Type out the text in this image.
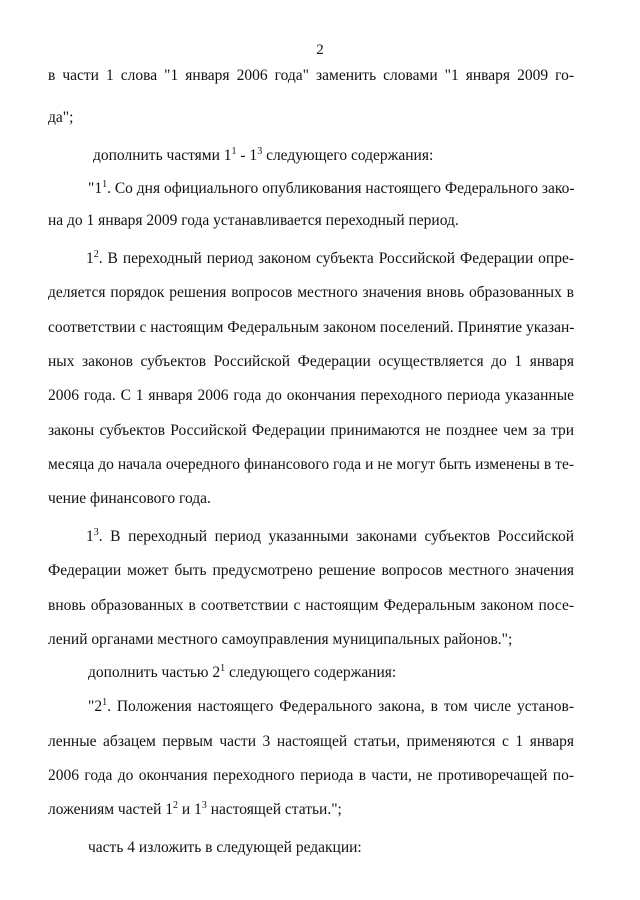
2
в части 1 слова "1 января 2006 года" заменить словами "1 января 2009 го-
да";
дополнить частями $1^1 - 1^3$ следующего содержания:
"$1^1$. Со дня официального опубликования настоящего Федерального зако-
на до 1 января 2009 года устанавливается переходный период.
$1^2$. В переходный период законом субъекта Российской Федерации опре-
деляется порядок решения вопросов местного значения вновь образованных в
соответствии с настоящим Федеральным законом поселений. Принятие указан-
ных законов субъектов Российской Федерации осуществляется до 1 января
2006 года. С 1 января 2006 года до окончания переходного периода указанные
законы субъектов Российской Федерации принимаются не позднее чем за три
месяца до начала очередного финансового года и не могут быть изменены в те-
чение финансового года.
$1^3$. В переходный период указанными законами субъектов Российской
Федерации может быть предусмотрено решение вопросов местного значения
вновь образованных в соответствии с настоящим Федеральным законом посе-
лений органами местного самоуправления муниципальных районов.";
дополнить частью $2^1$ следующего содержания:
"$2^1$. Положения настоящего Федерального закона, в том числе установ-
ленные абзацем первым части 3 настоящей статьи, применяются с 1 января
2006 года до окончания переходного периода в части, не противоречащей по-
ложениям частей $1^2$ и $1^3$ настоящей статьи.";
часть 4 изложить в следующей редакции:
